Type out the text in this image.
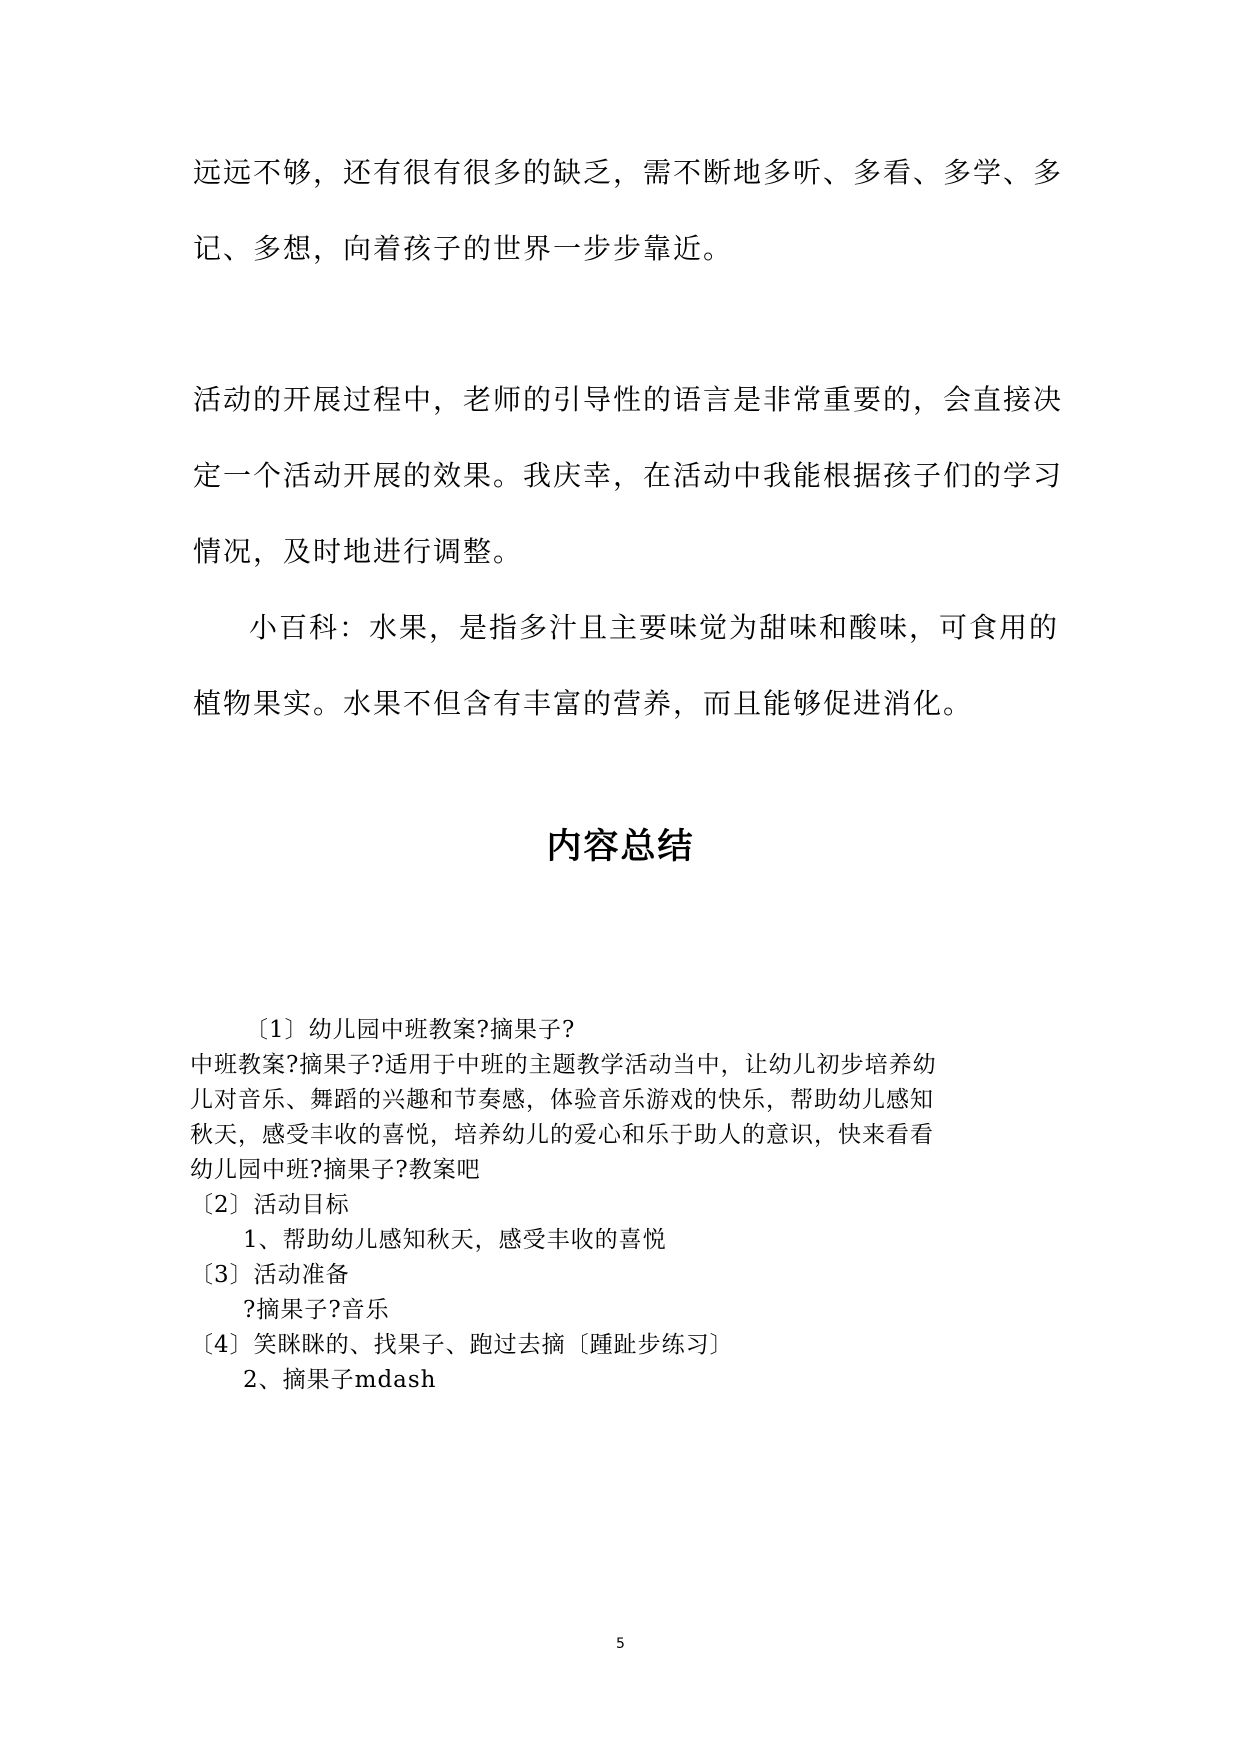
远远不够，还有很有很多的缺乏，需不断地多听、多看、多学、多
记、多想，向着孩子的世界一步步靠近。
活动的开展过程中，老师的引导性的语言是非常重要的，会直接决
定一个活动开展的效果。我庆幸，在活动中我能根据孩子们的学习
情况，及时地进行调整。
小百科：水果，是指多汁且主要味觉为甜味和酸味，可食用的
植物果实。水果不但含有丰富的营养，而且能够促进消化。
内容总结
〔1〕幼儿园中班教案?摘果子?
中班教案?摘果子?适用于中班的主题教学活动当中，让幼儿初步培养幼
儿对音乐、舞蹈的兴趣和节奏感，体验音乐游戏的快乐，帮助幼儿感知
秋天，感受丰收的喜悦，培养幼儿的爱心和乐于助人的意识，快来看看
幼儿园中班?摘果子?教案吧
〔2〕活动目标
1、帮助幼儿感知秋天，感受丰收的喜悦
〔3〕活动准备
?摘果子?音乐
〔4〕笑眯眯的、找果子、跑过去摘〔踵趾步练习〕
2、摘果子mdash
5
